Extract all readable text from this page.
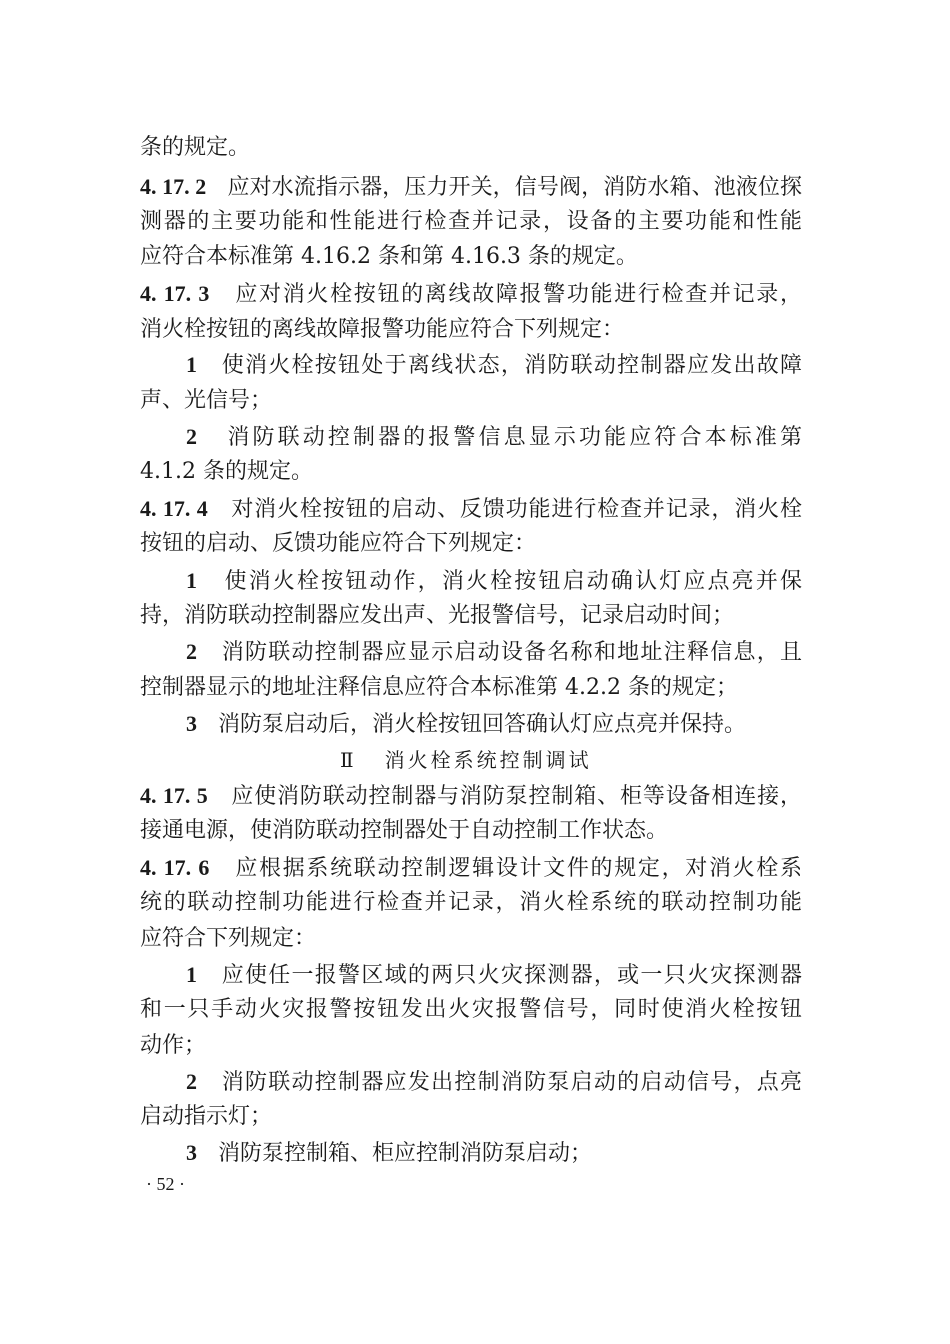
条的规定。
4. 17. 2 应对水流指示器，压力开关，信号阀，消防水箱、池液位探
测器的主要功能和性能进行检查并记录，设备的主要功能和性能
应符合本标准第 4.16.2 条和第 4.16.3 条的规定。
4. 17. 3 应对消火栓按钮的离线故障报警功能进行检查并记录，
消火栓按钮的离线故障报警功能应符合下列规定：
1 使消火栓按钮处于离线状态，消防联动控制器应发出故障
声、光信号；
2 消防联动控制器的报警信息显示功能应符合本标准第
4.1.2 条的规定。
4. 17. 4 对消火栓按钮的启动、反馈功能进行检查并记录，消火栓
按钮的启动、反馈功能应符合下列规定：
1 使消火栓按钮动作，消火栓按钮启动确认灯应点亮并保
持，消防联动控制器应发出声、光报警信号，记录启动时间；
2 消防联动控制器应显示启动设备名称和地址注释信息，且
控制器显示的地址注释信息应符合本标准第 4.2.2 条的规定；
3 消防泵启动后，消火栓按钮回答确认灯应点亮并保持。
Ⅱ 消火栓系统控制调试
4. 17. 5 应使消防联动控制器与消防泵控制箱、柜等设备相连接，
接通电源，使消防联动控制器处于自动控制工作状态。
4. 17. 6 应根据系统联动控制逻辑设计文件的规定，对消火栓系
统的联动控制功能进行检查并记录，消火栓系统的联动控制功能
应符合下列规定：
1 应使任一报警区域的两只火灾探测器，或一只火灾探测器
和一只手动火灾报警按钮发出火灾报警信号，同时使消火栓按钮
动作；
2 消防联动控制器应发出控制消防泵启动的启动信号，点亮
启动指示灯；
3 消防泵控制箱、柜应控制消防泵启动；
· 52 ·
